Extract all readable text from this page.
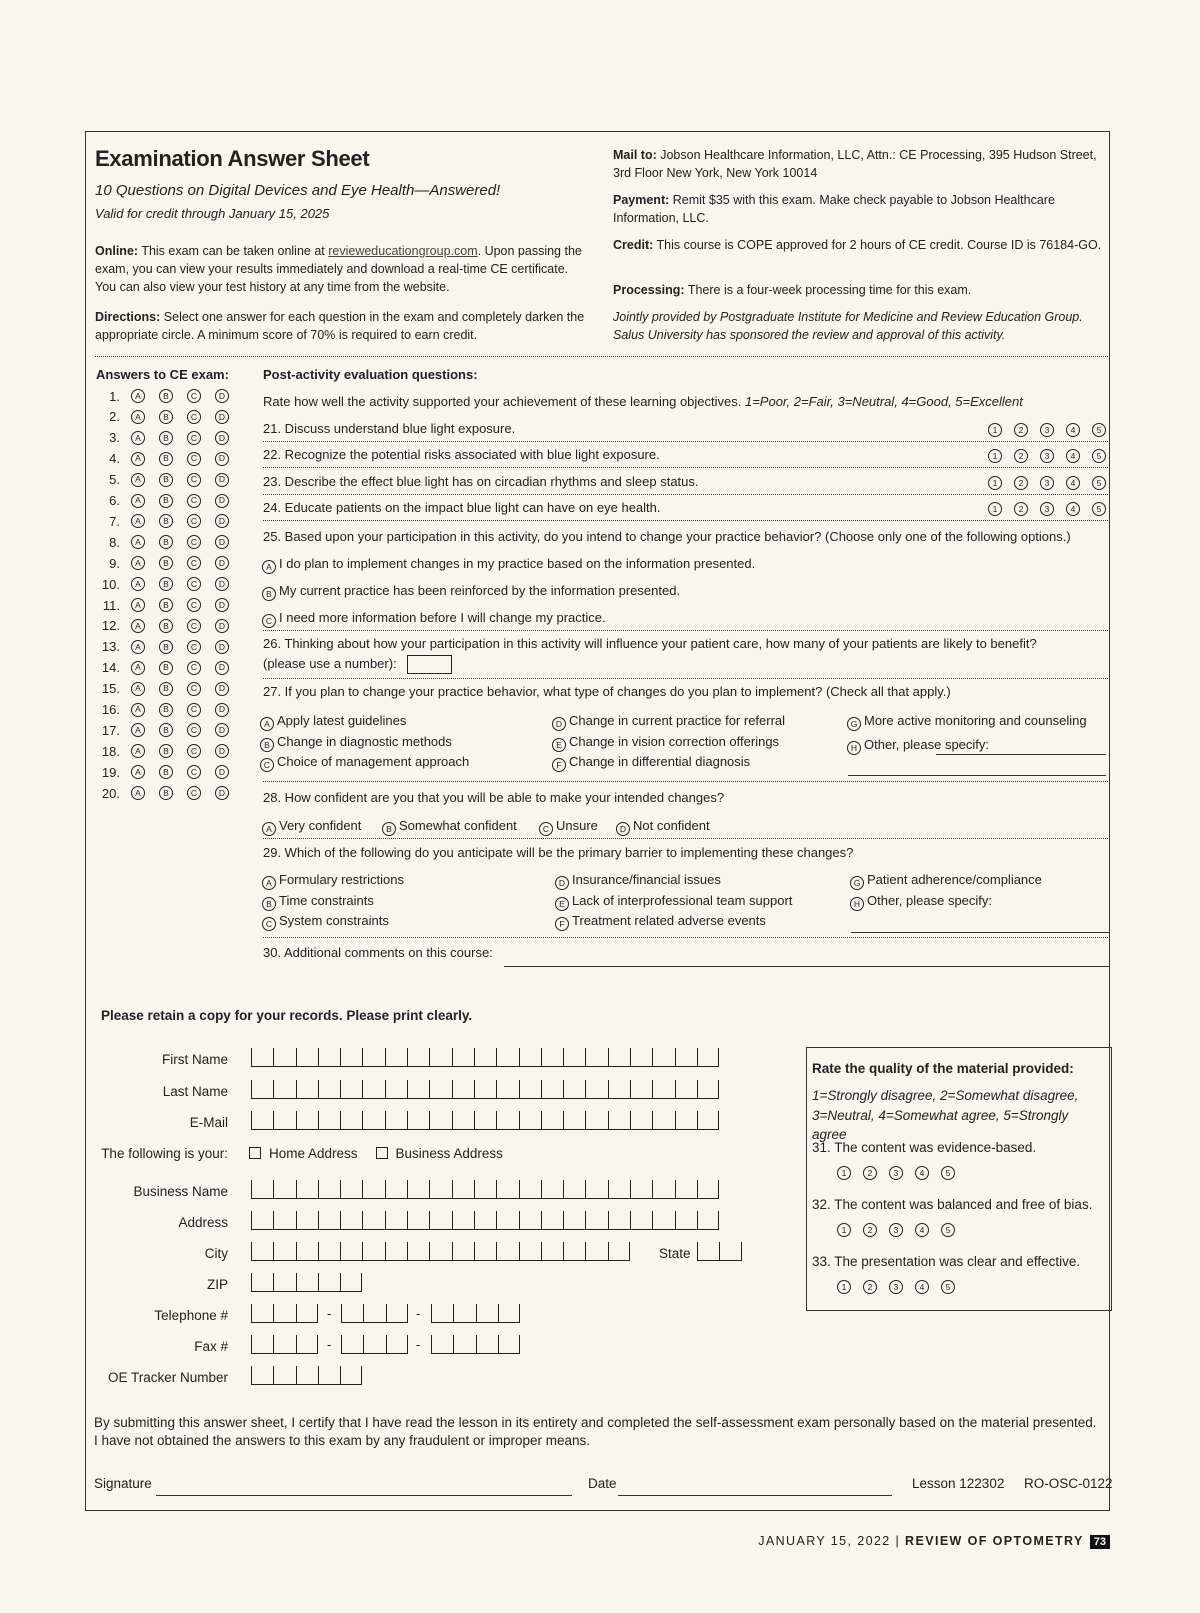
Examination Answer Sheet
10 Questions on Digital Devices and Eye Health—Answered!
Valid for credit through January 15, 2025
Online: This exam can be taken online at revieweducationgroup.com. Upon passing the exam, you can view your results immediately and download a real-time CE certificate. You can also view your test history at any time from the website.
Directions: Select one answer for each question in the exam and completely darken the appropriate circle. A minimum score of 70% is required to earn credit.
Mail to: Jobson Healthcare Information, LLC, Attn.: CE Processing, 395 Hudson Street, 3rd Floor New York, New York 10014
Payment: Remit $35 with this exam. Make check payable to Jobson Healthcare Information, LLC.
Credit: This course is COPE approved for 2 hours of CE credit. Course ID is 76184-GO.
Processing: There is a four-week processing time for this exam.
Jointly provided by Postgraduate Institute for Medicine and Review Education Group. Salus University has sponsored the review and approval of this activity.
Answers to CE exam:
1.	A	B	C	D
2.	A	B	C	D
3.	A	B	C	D
4.	A	B	C	D
5.	A	B	C	D
6.	A	B	C	D
7.	A	B	C	D
8.	A	B	C	D
9.	A	B	C	D
10.	A	B	C	D
11.	A	B	C	D
12.	A	B	C	D
13.	A	B	C	D
14.	A	B	C	D
15.	A	B	C	D
16.	A	B	C	D
17.	A	B	C	D
18.	A	B	C	D
19.	A	B	C	D
20.	A	B	C	D
Post-activity evaluation questions:
Rate how well the activity supported your achievement of these learning objectives. 1=Poor, 2=Fair, 3=Neutral, 4=Good, 5=Excellent
21. Discuss understand blue light exposure.	1	2	3	4	5
22. Recognize the potential risks associated with blue light exposure.	1	2	3	4	5
23. Describe the effect blue light has on circadian rhythms and sleep status.	1	2	3	4	5
24. Educate patients on the impact blue light can have on eye health.	1	2	3	4	5
25. Based upon your participation in this activity, do you intend to change your practice behavior? (Choose only one of the following options.)
A I do plan to implement changes in my practice based on the information presented.
B My current practice has been reinforced by the information presented.
C I need more information before I will change my practice.
26. Thinking about how your participation in this activity will influence your patient care, how many of your patients are likely to benefit?
(please use a number):
27. If you plan to change your practice behavior, what type of changes do you plan to implement? (Check all that apply.)
A Apply latest guidelines
B Change in diagnostic methods
C Choice of management approach
D Change in current practice for referral
E Change in vision correction offerings
F Change in differential diagnosis
G More active monitoring and counseling
H Other, please specify:
28. How confident are you that you will be able to make your intended changes?
A Very confident	B Somewhat confident	C Unsure	D Not confident
29. Which of the following do you anticipate will be the primary barrier to implementing these changes?
A Formulary restrictions
B Time constraints
C System constraints
D Insurance/financial issues
E Lack of interprofessional team support
F Treatment related adverse events
G Patient adherence/compliance
H Other, please specify:
30. Additional comments on this course:
Please retain a copy for your records. Please print clearly.
First Name
Last Name
E-Mail
The following is your:
Business Name
Address
City	State
ZIP
Telephone #	-	-
Fax #	-	-
OE Tracker Number
Home Address	Business Address
Rate the quality of the material provided:
1=Strongly disagree, 2=Somewhat disagree, 3=Neutral, 4=Somewhat agree, 5=Strongly agree
31. The content was evidence-based.
1	2	3	4	5
32. The content was balanced and free of bias.
1	2	3	4	5
33. The presentation was clear and effective.
1	2	3	4	5
By submitting this answer sheet, I certify that I have read the lesson in its entirety and completed the self-assessment exam personally based on the material presented. I have not obtained the answers to this exam by any fraudulent or improper means.
Signature	Date	Lesson 122302 RO-OSC-0122
JANUARY 15, 2022 | REVIEW OF OPTOMETRY 73
